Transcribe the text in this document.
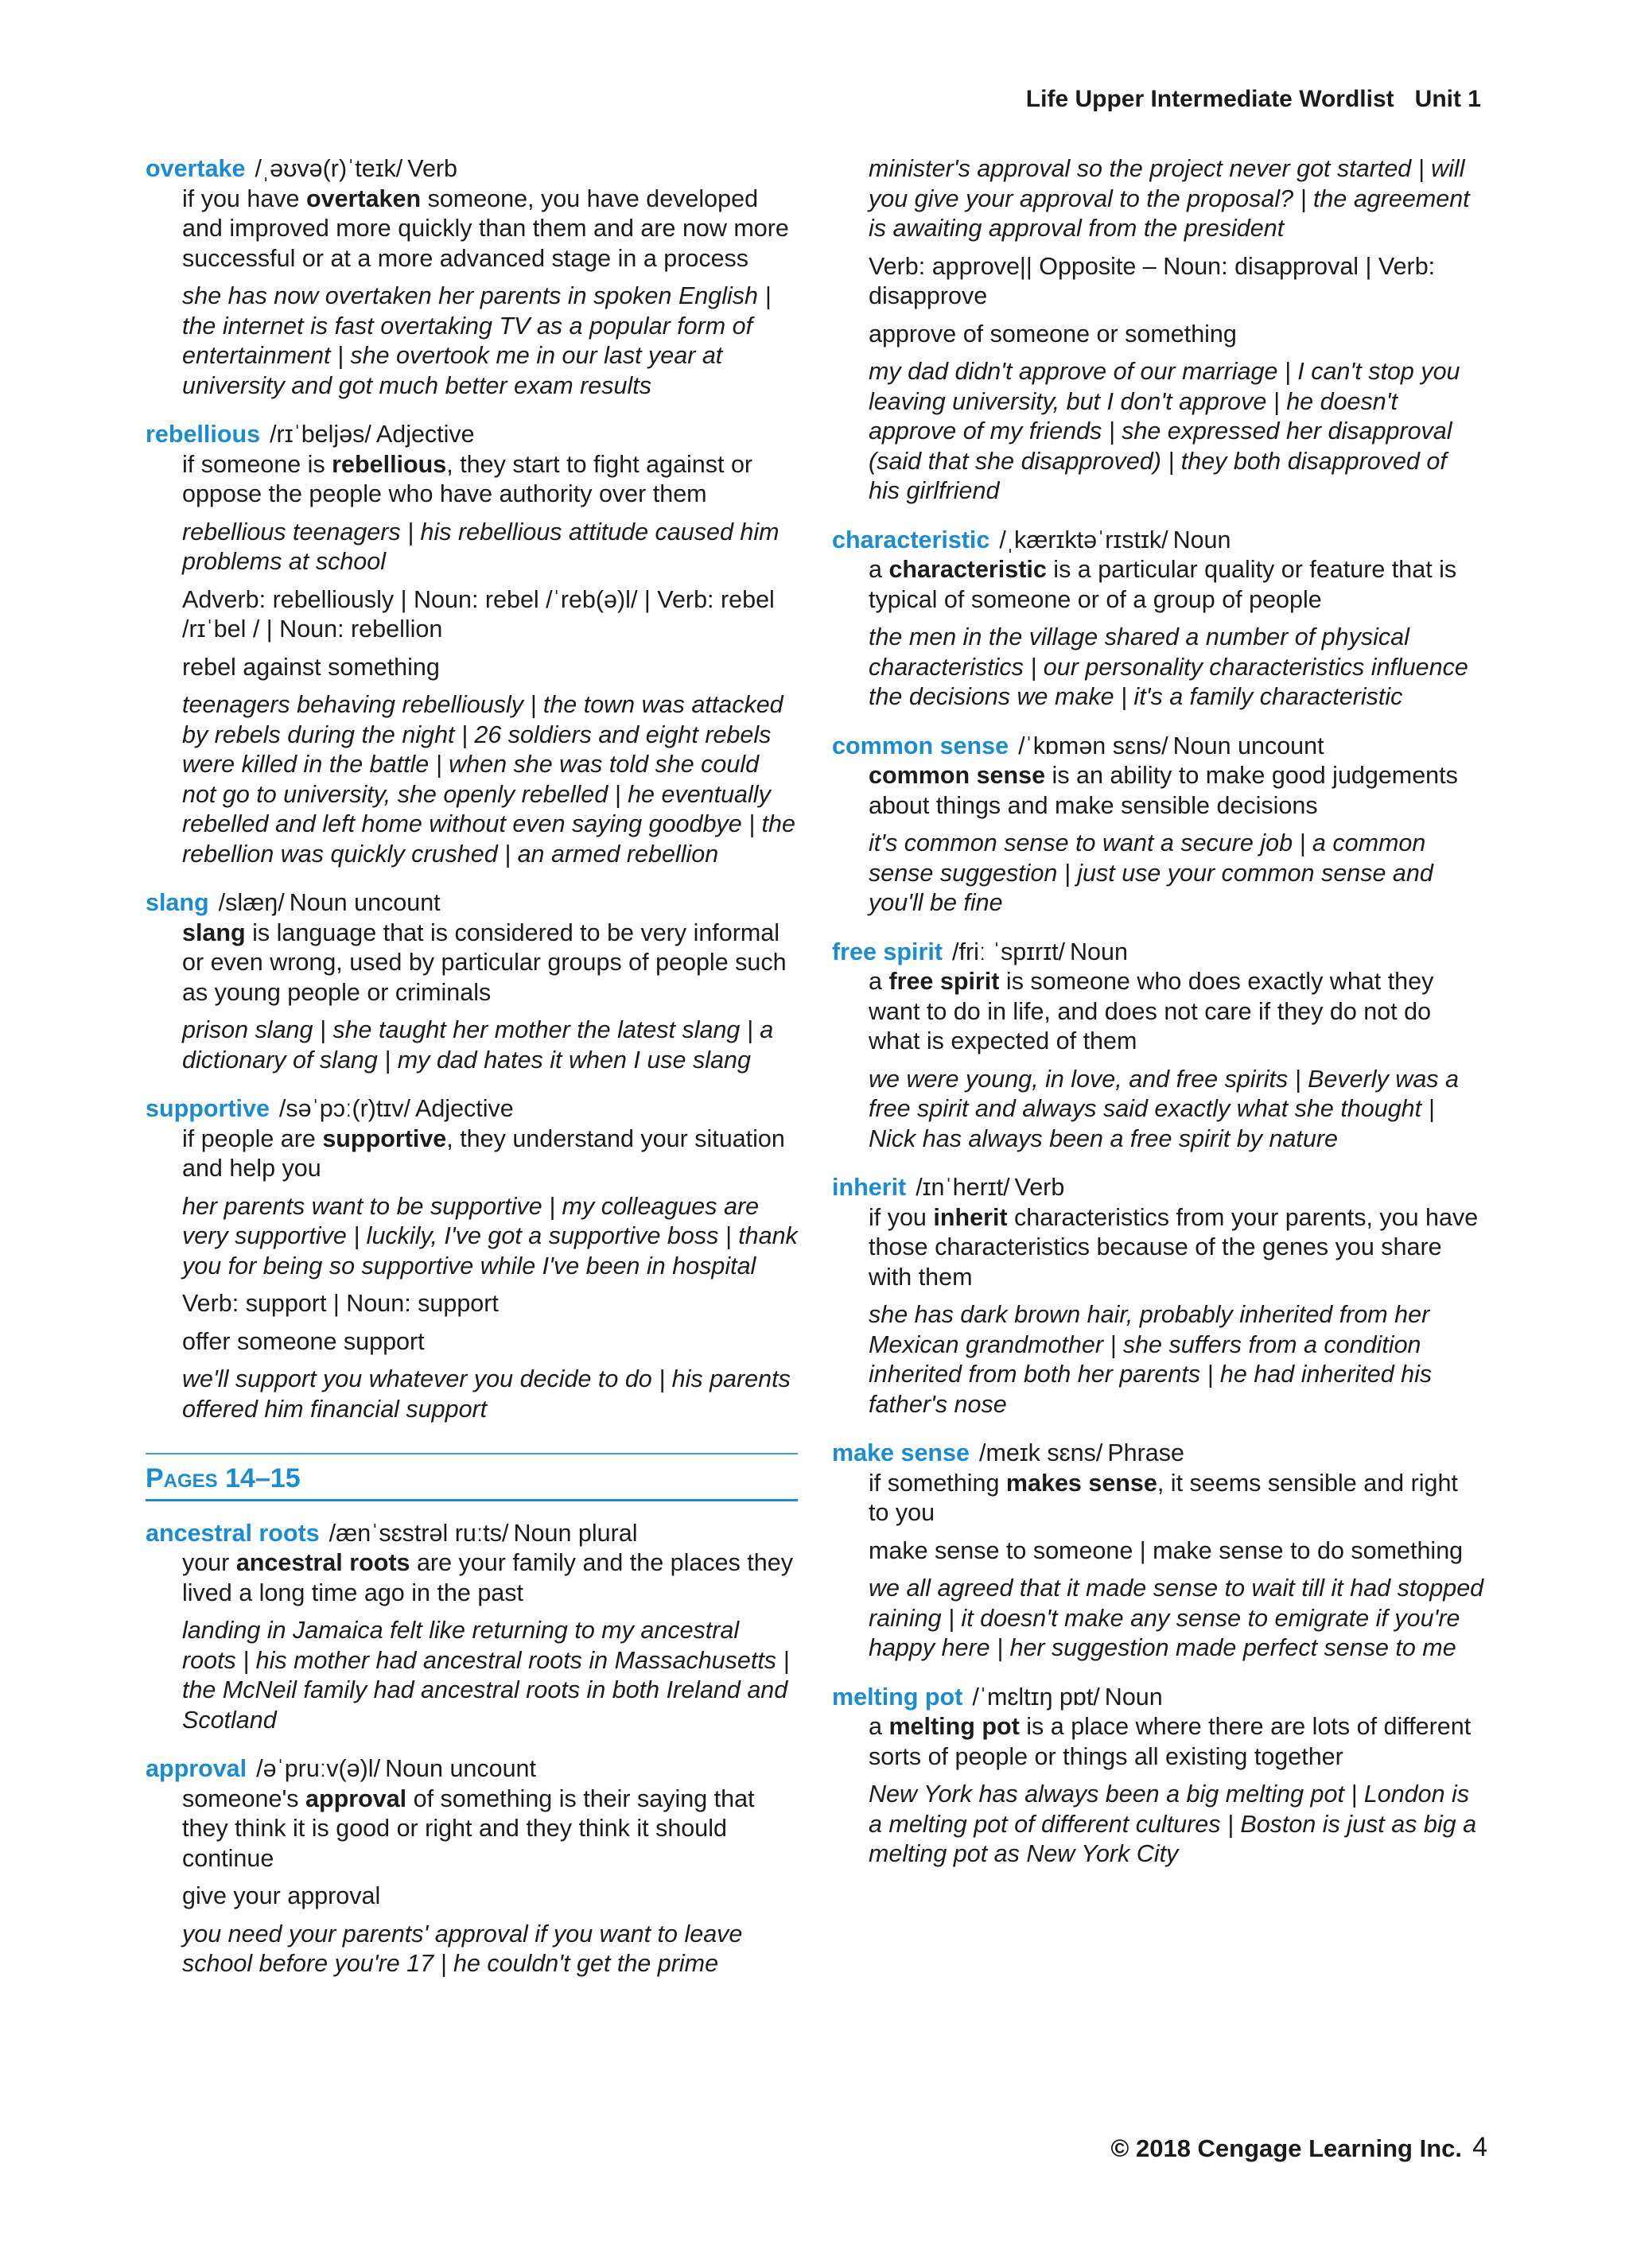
Life Upper Intermediate Wordlist Unit 1
overtake /ˌəʊvə(r)ˈteɪk/ Verb

if you have overtaken someone, you have developed and improved more quickly than them and are now more successful or at a more advanced stage in a process

she has now overtaken her parents in spoken English | the internet is fast overtaking TV as a popular form of entertainment | she overtook me in our last year at university and got much better exam results

rebellious /rɪˈbeljəs/ Adjective

if someone is rebellious, they start to fight against or oppose the people who have authority over them

rebellious teenagers | his rebellious attitude caused him problems at school

Adverb: rebelliously | Noun: rebel /ˈreb(ə)l/ | Verb: rebel /rɪˈbel / | Noun: rebellion

rebel against something

teenagers behaving rebelliously | the town was attacked by rebels during the night | 26 soldiers and eight rebels were killed in the battle | when she was told she could not go to university, she openly rebelled | he eventually rebelled and left home without even saying goodbye | the rebellion was quickly crushed | an armed rebellion

slang /slæŋ/ Noun uncount

slang is language that is considered to be very informal or even wrong, used by particular groups of people such as young people or criminals

prison slang | she taught her mother the latest slang | a dictionary of slang | my dad hates it when I use slang

supportive /səˈpɔː(r)tɪv/ Adjective

if people are supportive, they understand your situation and help you

her parents want to be supportive | my colleagues are very supportive | luckily, I've got a supportive boss | thank you for being so supportive while I've been in hospital

Verb: support | Noun: support

offer someone support

we'll support you whatever you decide to do | his parents offered him financial support

Pages 14–15
ancestral roots /ænˈsɛstrəl ruːts/ Noun plural

your ancestral roots are your family and the places they lived a long time ago in the past

landing in Jamaica felt like returning to my ancestral roots | his mother had ancestral roots in Massachusetts | the McNeil family had ancestral roots in both Ireland and Scotland

approval /əˈpruːv(ə)l/ Noun uncount

someone's approval of something is their saying that they think it is good or right and they think it should continue

give your approval

you need your parents' approval if you want to leave school before you're 17 | he couldn't get the prime

minister's approval so the project never got started | will you give your approval to the proposal? | the agreement is awaiting approval from the president

Verb: approve|| Opposite – Noun: disapproval | Verb: disapprove

approve of someone or something

my dad didn't approve of our marriage | I can't stop you leaving university, but I don't approve | he doesn't approve of my friends | she expressed her disapproval (said that she disapproved) | they both disapproved of his girlfriend

characteristic /ˌkærɪktəˈrɪstɪk/ Noun

a characteristic is a particular quality or feature that is typical of someone or of a group of people

the men in the village shared a number of physical characteristics | our personality characteristics influence the decisions we make | it's a family characteristic

common sense /ˈkɒmən sɛns/ Noun uncount

common sense is an ability to make good judgements about things and make sensible decisions

it's common sense to want a secure job | a common sense suggestion | just use your common sense and you'll be fine

free spirit /friː ˈspɪrɪt/ Noun

a free spirit is someone who does exactly what they want to do in life, and does not care if they do not do what is expected of them

we were young, in love, and free spirits | Beverly was a free spirit and always said exactly what she thought | Nick has always been a free spirit by nature

inherit /ɪnˈherɪt/ Verb

if you inherit characteristics from your parents, you have those characteristics because of the genes you share with them

she has dark brown hair, probably inherited from her Mexican grandmother | she suffers from a condition inherited from both her parents | he had inherited his father's nose

make sense /meɪk sɛns/ Phrase

if something makes sense, it seems sensible and right to you

make sense to someone | make sense to do something

we all agreed that it made sense to wait till it had stopped raining | it doesn't make any sense to emigrate if you're happy here | her suggestion made perfect sense to me

melting pot /ˈmɛltɪŋ pɒt/ Noun

a melting pot is a place where there are lots of different sorts of people or things all existing together

New York has always been a big melting pot | London is a melting pot of different cultures | Boston is just as big a melting pot as New York City

© 2018 Cengage Learning Inc. 4
